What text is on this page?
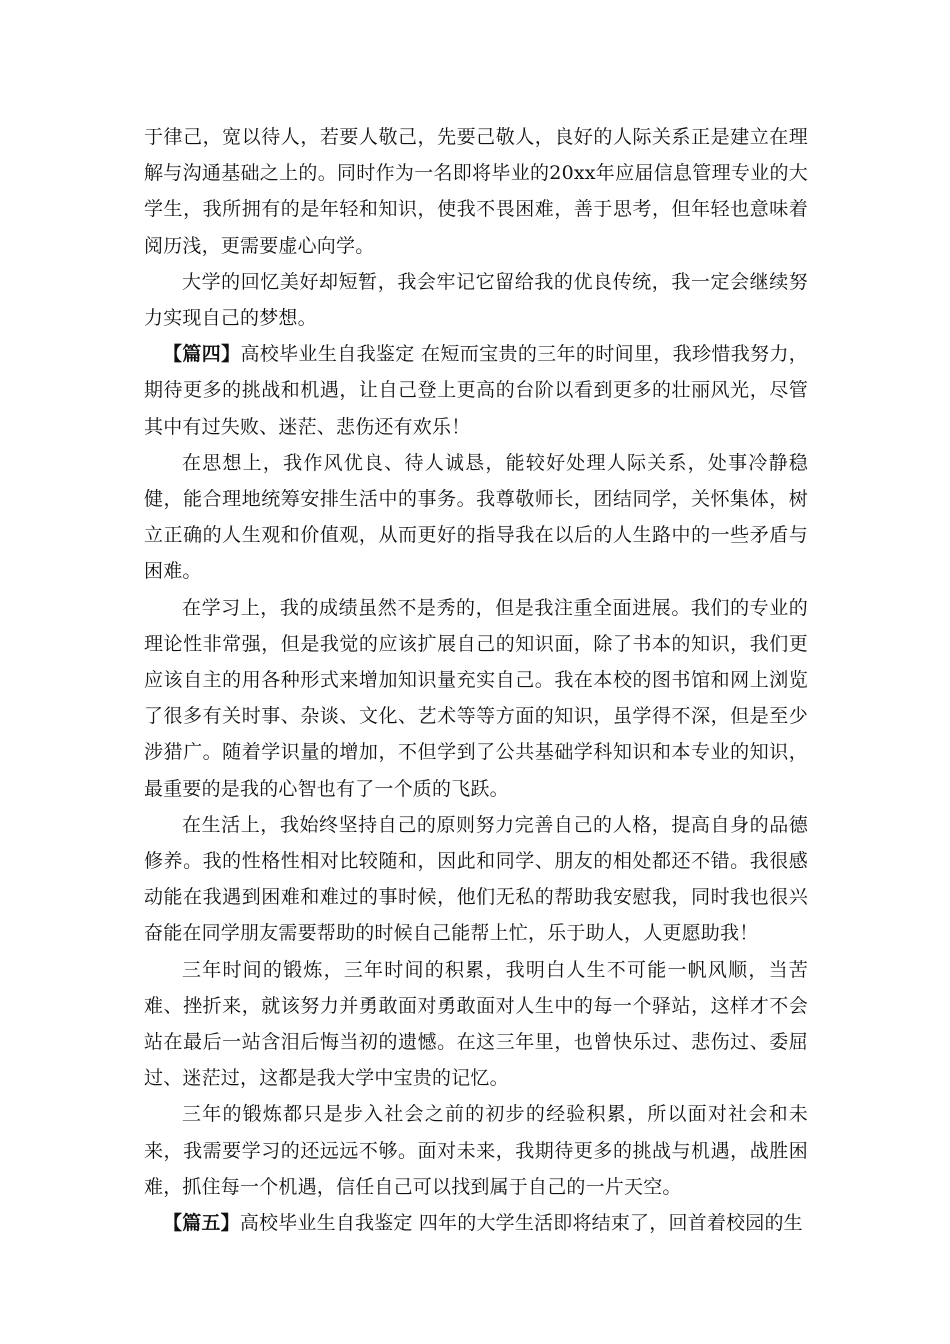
于律己，宽以待人，若要人敬己，先要己敬人，良好的人际关系正是建立在理解与沟通基础之上的。同时作为一名即将毕业的20xx年应届信息管理专业的大学生，我所拥有的是年轻和知识，使我不畏困难，善于思考，但年轻也意味着阅历浅，更需要虚心向学。

大学的回忆美好却短暂，我会牢记它留给我的优良传统，我一定会继续努力实现自己的梦想。

【篇四】高校毕业生自我鉴定 在短而宝贵的三年的时间里，我珍惜我努力，期待更多的挑战和机遇，让自己登上更高的台阶以看到更多的壮丽风光，尽管其中有过失败、迷茫、悲伤还有欢乐！

在思想上，我作风优良、待人诚恳，能较好处理人际关系，处事冷静稳健，能合理地统筹安排生活中的事务。我尊敬师长，团结同学，关怀集体，树立正确的人生观和价值观，从而更好的指导我在以后的人生路中的一些矛盾与困难。

在学习上，我的成绩虽然不是秀的，但是我注重全面进展。我们的专业的理论性非常强，但是我觉的应该扩展自己的知识面，除了书本的知识，我们更应该自主的用各种形式来增加知识量充实自己。我在本校的图书馆和网上浏览了很多有关时事、杂谈、文化、艺术等等方面的知识，虽学得不深，但是至少涉猎广。随着学识量的增加，不但学到了公共基础学科知识和本专业的知识，最重要的是我的心智也有了一个质的飞跃。

在生活上，我始终坚持自己的原则努力完善自己的人格，提高自身的品德修养。我的性格性相对比较随和，因此和同学、朋友的相处都还不错。我很感动能在我遇到困难和难过的事时候，他们无私的帮助我安慰我，同时我也很兴奋能在同学朋友需要帮助的时候自己能帮上忙，乐于助人，人更愿助我！

三年时间的锻炼，三年时间的积累，我明白人生不可能一帆风顺，当苦难、挫折来，就该努力并勇敢面对勇敢面对人生中的每一个驿站，这样才不会站在最后一站含泪后悔当初的遗憾。在这三年里，也曾快乐过、悲伤过、委屈过、迷茫过，这都是我大学中宝贵的记忆。

三年的锻炼都只是步入社会之前的初步的经验积累，所以面对社会和未来，我需要学习的还远远不够。面对未来，我期待更多的挑战与机遇，战胜困难，抓住每一个机遇，信任自己可以找到属于自己的一片天空。

【篇五】高校毕业生自我鉴定 四年的大学生活即将结束了，回首着校园的生
